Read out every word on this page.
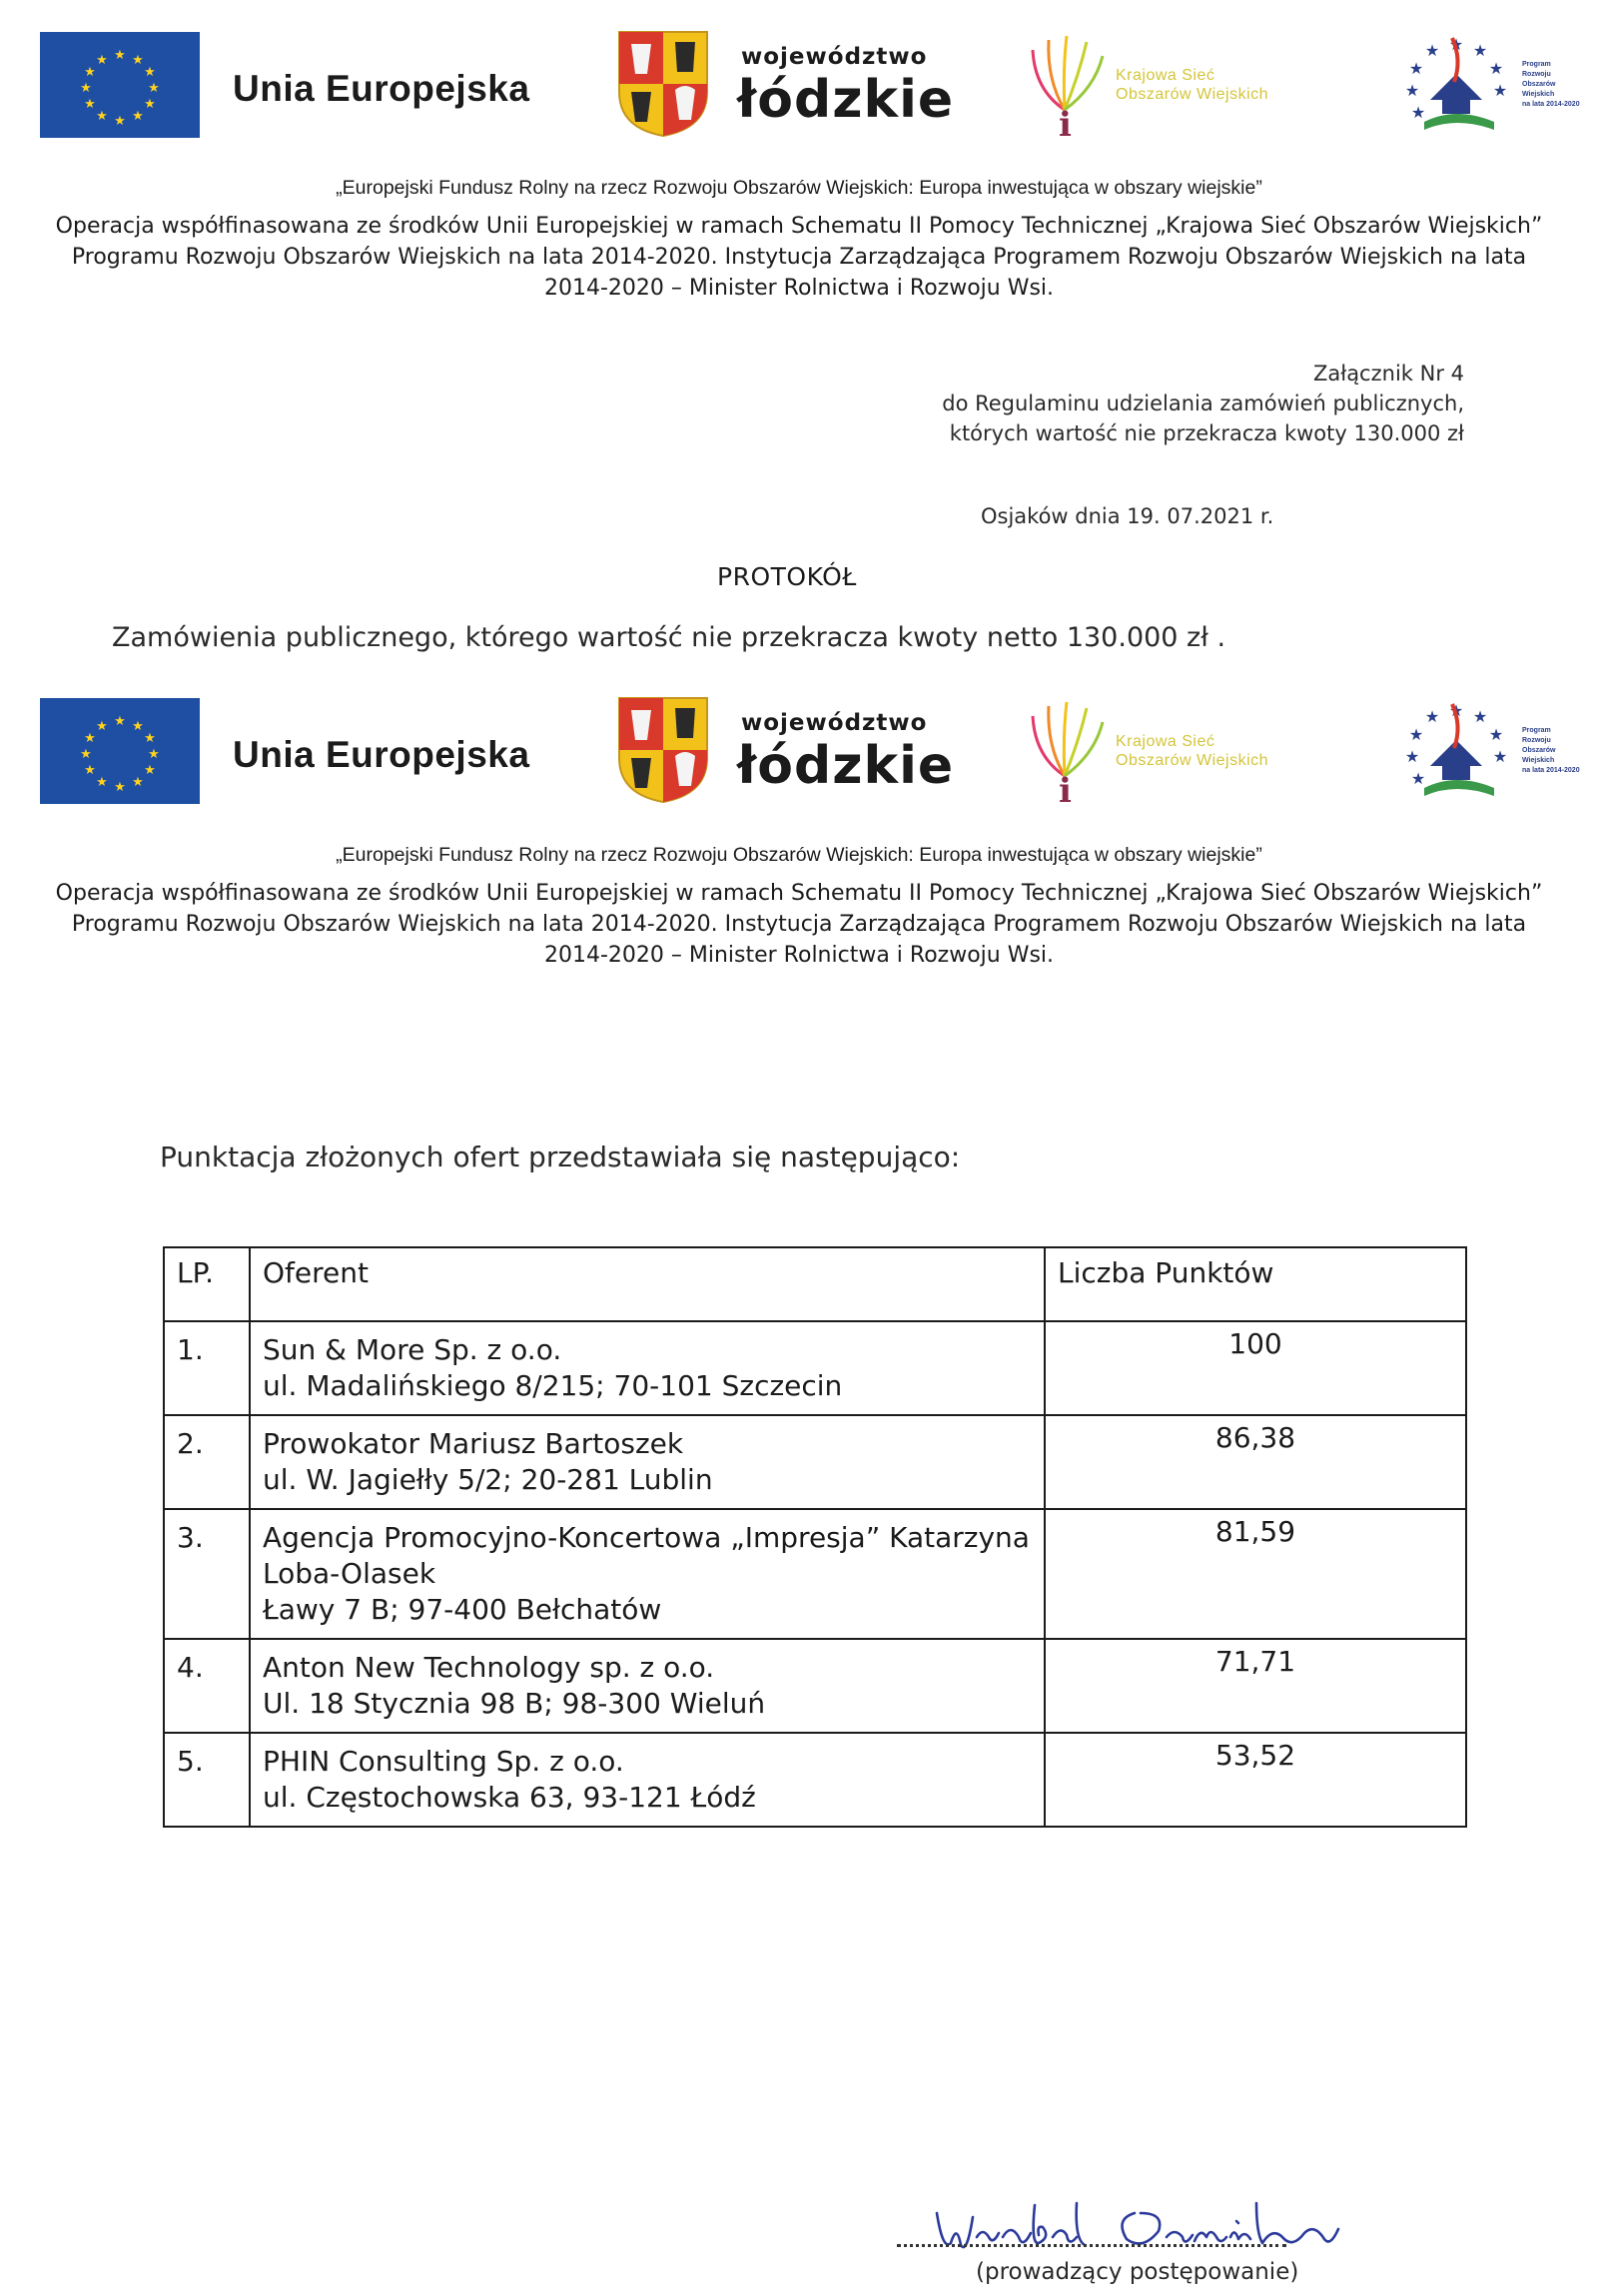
★ ★
★
★
★
★
★
★
★
★
★
★
Unia Europejska
województwo
łódzkie	i
Krajowa Sieć
Obszarów Wiejskich
★ ★
★
★
★
★
★
★
Program
Rozwoju
Obszarów
Wiejskich
na lata 2014-2020
„Europejski Fundusz Rolny na rzecz Rozwoju Obszarów Wiejskich: Europa inwestująca w obszary wiejskie”
Operacja współfinasowana ze środków Unii Europejskiej w ramach Schematu II Pomocy Technicznej „Krajowa Sieć Obszarów Wiejskich”
Programu Rozwoju Obszarów Wiejskich na lata 2014-2020. Instytucja Zarządzająca Programem Rozwoju Obszarów Wiejskich na lata
2014-2020 – Minister Rolnictwa i Rozwoju Wsi.
Załącznik Nr 4
do Regulaminu udzielania zamówień publicznych,
których wartość nie przekracza kwoty 130.000 zł
Osjaków dnia 19. 07.2021 r.
PROTOKÓŁ
Zamówienia publicznego, którego wartość nie przekracza kwoty netto 130.000 zł .
★ ★
★
★
★
★
★
★
★
★
★
★
Unia Europejska
województwo
łódzkie	i
Krajowa Sieć
Obszarów Wiejskich
★ ★
★
★
★
★
★
★
Program
Rozwoju
Obszarów
Wiejskich
na lata 2014-2020
„Europejski Fundusz Rolny na rzecz Rozwoju Obszarów Wiejskich: Europa inwestująca w obszary wiejskie”
Operacja współfinasowana ze środków Unii Europejskiej w ramach Schematu II Pomocy Technicznej „Krajowa Sieć Obszarów Wiejskich”
Programu Rozwoju Obszarów Wiejskich na lata 2014-2020. Instytucja Zarządzająca Programem Rozwoju Obszarów Wiejskich na lata
2014-2020 – Minister Rolnictwa i Rozwoju Wsi.
Punktacja złożonych ofert przedstawiała się następująco:
LP.	Oferent	Liczba Punktów
1.	Sun & More Sp. z o.o.
ul. Madalińskiego 8/215; 70-101 Szczecin	100
2.	Prowokator Mariusz Bartoszek
ul. W. Jagiełły 5/2; 20-281 Lublin	86,38
3.	Agencja Promocyjno-Koncertowa „Impresja” Katarzyna
Loba-Olasek
Ławy 7 B; 97-400 Bełchatów	81,59
4.	Anton New Technology sp. z o.o.
Ul. 18 Stycznia 98 B; 98-300 Wieluń	71,71
5.	PHIN Consulting Sp. z o.o.
ul. Częstochowska 63, 93-121 Łódź	53,52
(prowadzący postępowanie)
